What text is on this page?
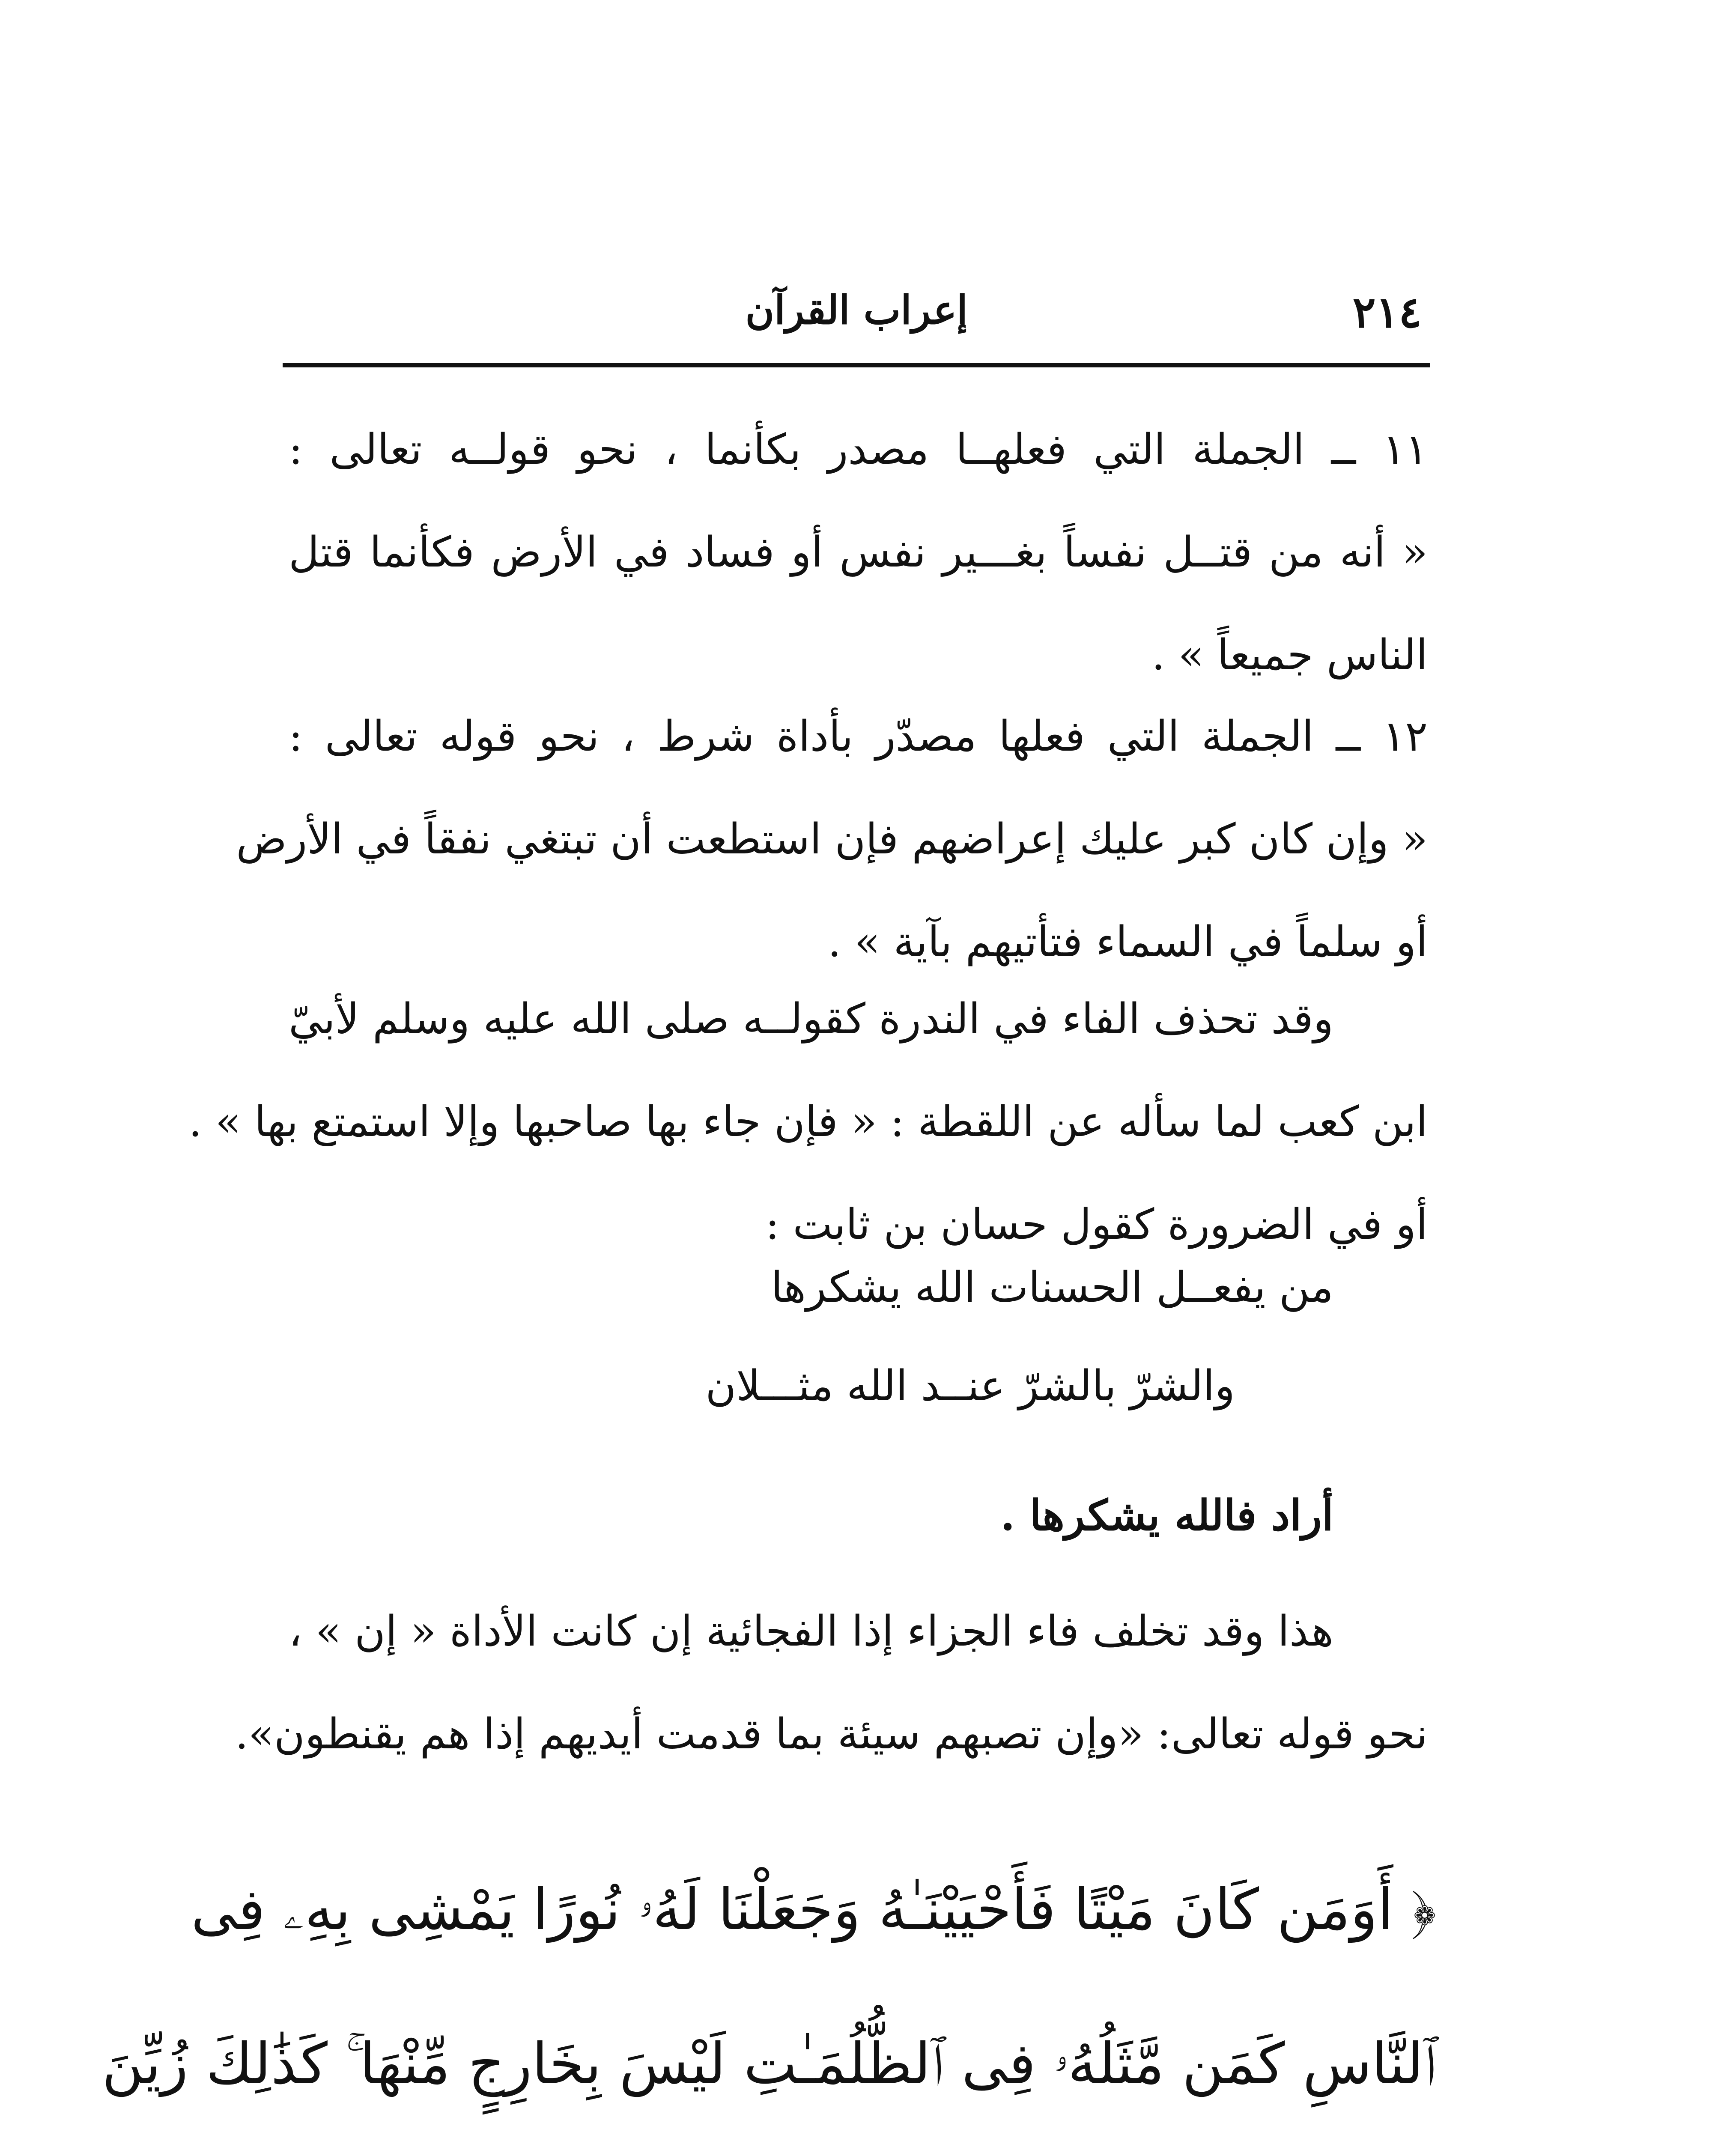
٢١٤
إعراب القرآن
١١ ــ الجملة التي فعلهــا مصدر بكأنما ، نحو قولــه تعالى :
« أنه من قتــل نفساً بغـــير نفس أو فساد في الأرض فكأنما قتل
الناس جميعاً » .
١٢ ــ الجملة التي فعلها مصدّر بأداة شرط ، نحو قوله تعالى :
« وإن كان كبر عليك إعراضهم فإن استطعت أن تبتغي نفقاً في الأرض
أو سلماً في السماء فتأتيهم بآية » .
وقد تحذف الفاء في الندرة كقولــه صلى الله عليه وسلم لأبيّ
ابن كعب لما سأله عن اللقطة : « فإن جاء بها صاحبها وإلا استمتع بها » .
أو في الضرورة كقول حسان بن ثابت :
من يفعــل الحسنات الله يشكرها
والشرّ بالشرّ عنــد الله مثـــلان
أراد فالله يشكرها .
هذا وقد تخلف فاء الجزاء إذا الفجائية إن كانت الأداة « إن » ،
نحو قوله تعالى: «وإن تصبهم سيئة بما قدمت أيديهم إذا هم يقنطون».
﴿ أَوَمَن كَانَ مَيْتًا فَأَحْيَيْنَـٰهُ وَجَعَلْنَا لَهُۥ نُورًا يَمْشِى بِهِۦ فِى
ٱلنَّاسِ كَمَن مَّثَلُهُۥ فِى ٱلظُّلُمَـٰتِ لَيْسَ بِخَارِجٍ مِّنْهَا ۚ كَذَٰلِكَ زُيِّنَ
